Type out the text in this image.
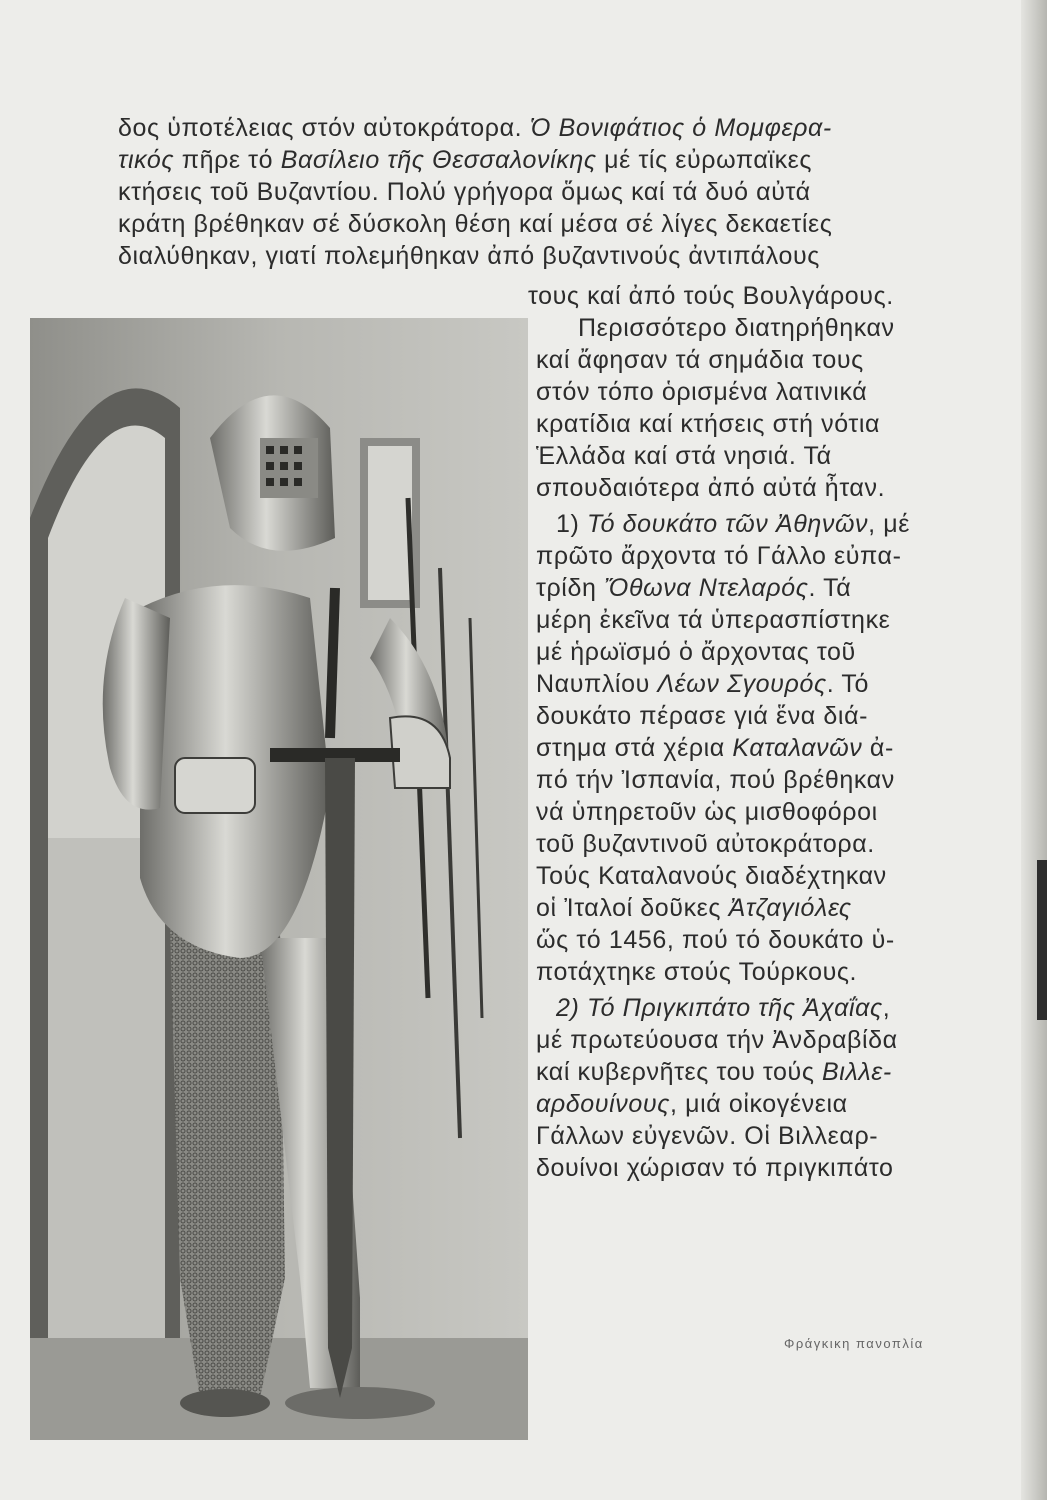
δος ὑποτέλειας στόν αὐτοκράτορα. Ὁ Βονιφάτιος ὁ Μομφερα-

τικός πῆρε τό Βασίλειο τῆς Θεσσαλονίκης μέ τίς εὐρωπαϊκες

κτήσεις τοῦ Βυζαντίου. Πολύ γρήγορα ὅμως καί τά δυό αὐτά

κράτη βρέθηκαν σέ δύσκολη θέση καί μέσα σέ λίγες δεκαετίες

διαλύθηκαν, γιατί πολεμήθηκαν ἀπό βυζαντινούς ἀντιπάλους

τους καί ἀπό τούς Βουλγάρους.

Περισσότερο διατηρήθηκαν

καί ἄφησαν τά σημάδια τους

στόν τόπο ὁρισμένα λατινικά

κρατίδια καί κτήσεις στή νότια

Ἑλλάδα καί στά νησιά. Τά

σπουδαιότερα ἀπό αὐτά ἦταν.

1) Τό δουκάτο τῶν Ἀθηνῶν, μέ

πρῶτο ἄρχοντα τό Γάλλο εὐπα-

τρίδη Ὄθωνα Ντελαρός. Τά

μέρη ἐκεῖνα τά ὑπερασπίστηκε

μέ ἡρωϊσμό ὁ ἄρχοντας τοῦ

Ναυπλίου Λέων Σγουρός. Τό

δουκάτο πέρασε γιά ἕνα διά-

στημα στά χέρια Καταλανῶν ἀ-

πό τήν Ἰσπανία, πού βρέθηκαν

νά ὑπηρετοῦν ὡς μισθοφόροι

τοῦ βυζαντινοῦ αὐτοκράτορα.

Τούς Καταλανούς διαδέχτηκαν

οἱ Ἰταλοί δοῦκες Ἀτζαγιόλες

ὥς τό 1456, πού τό δουκάτο ὑ-

ποτάχτηκε στούς Τούρκους.

2) Τό Πριγκιπάτο τῆς Ἀχαΐας,

μέ πρωτεύουσα τήν Ἀνδραβίδα

καί κυβερνῆτες του τούς Βιλλε-

αρδουίνους, μιά οἰκογένεια

Γάλλων εὐγενῶν. Οἱ Βιλλεαρ-

δουίνοι χώρισαν τό πριγκιπάτο

Φράγκικη πανοπλία
